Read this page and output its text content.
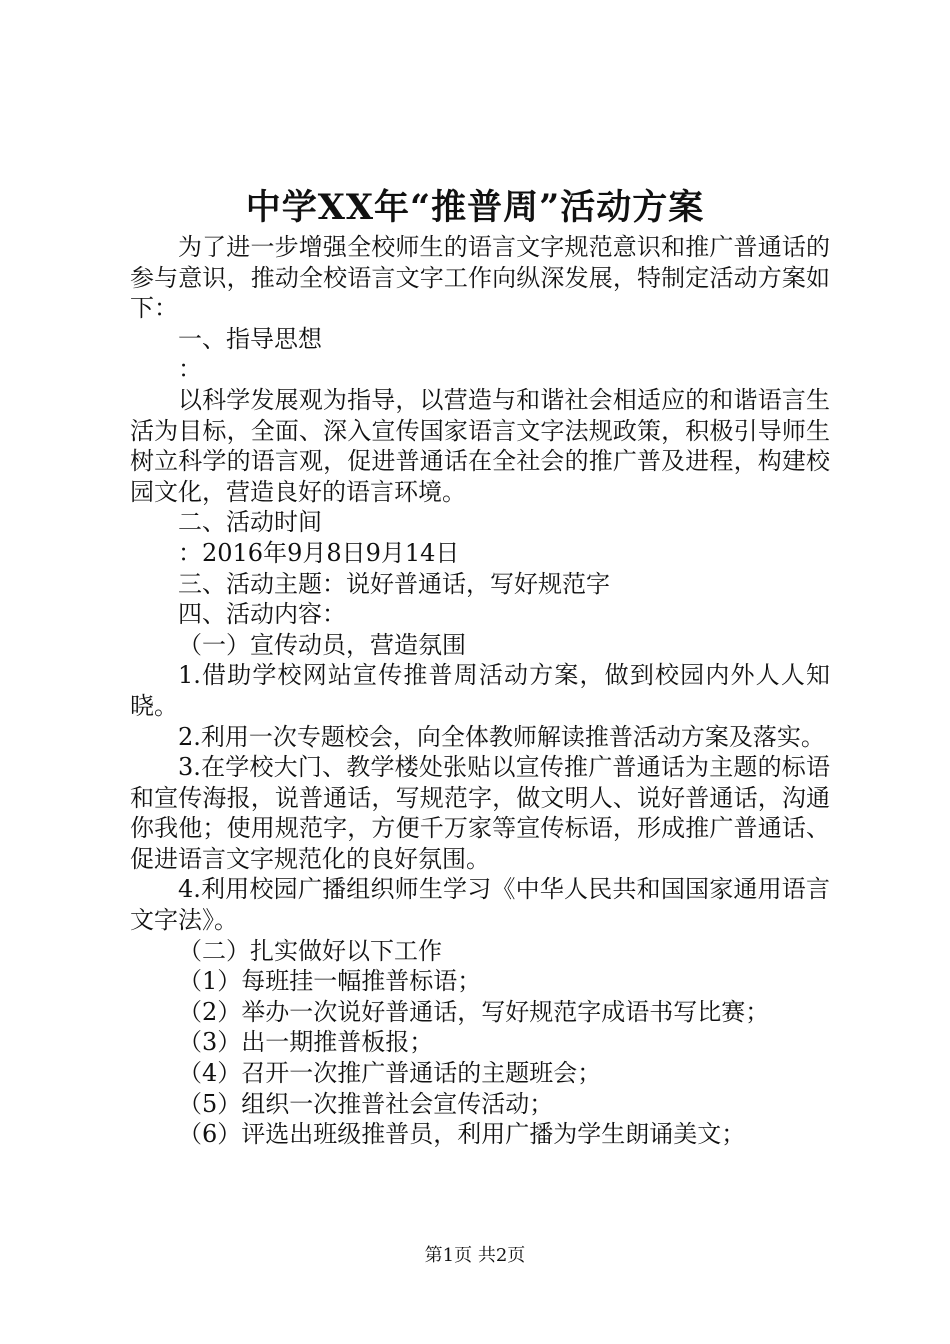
中学XX年“推普周”活动方案

为了进一步增强全校师生的语言文字规范意识和推广普通话的参与意识，推动全校语言文字工作向纵深发展，特制定活动方案如下：

一、指导思想

：

以科学发展观为指导，以营造与和谐社会相适应的和谐语言生活为目标，全面、深入宣传国家语言文字法规政策，积极引导师生树立科学的语言观，促进普通话在全社会的推广普及进程，构建校园文化，营造良好的语言环境。

二、活动时间

：2016年9月8日9月14日

三、活动主题：说好普通话，写好规范字

四、活动内容：

（一）宣传动员，营造氛围

1.借助学校网站宣传推普周活动方案，做到校园内外人人知晓。

2.利用一次专题校会，向全体教师解读推普活动方案及落实。

3.在学校大门、教学楼处张贴以宣传推广普通话为主题的标语和宣传海报，说普通话，写规范字，做文明人、说好普通话，沟通你我他；使用规范字，方便千万家等宣传标语，形成推广普通话、促进语言文字规范化的良好氛围。

4.利用校园广播组织师生学习《中华人民共和国国家通用语言文字法》。

（二）扎实做好以下工作

（1）每班挂一幅推普标语；

（2）举办一次说好普通话，写好规范字成语书写比赛；

（3）出一期推普板报；

（4）召开一次推广普通话的主题班会；

（5）组织一次推普社会宣传活动；

（6）评选出班级推普员，利用广播为学生朗诵美文；

第1页 共2页
